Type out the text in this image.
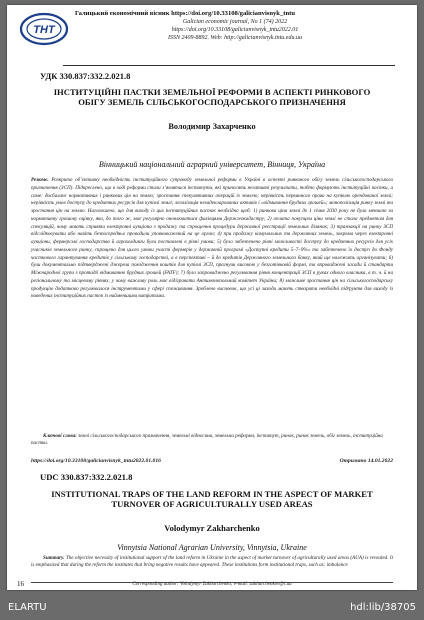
ТНТ
Галицький економічний вісник https://doi.org/10.33108/galicianvisnyk_tntu
Galician economic journal, No 1 (74) 2022
https://doi.org/10.33108/galicianvisnyk_tntu2022.01
ISSN 2409-8892. Web: http://galicianvisnyk.tntu.edu.ua
УДК 330.837:332.2.021.8
ІНСТИТУЦІЙНІ ПАСТКИ ЗЕМЕЛЬНОЇ РЕФОРМИ В АСПЕКТІ РИНКОВОГО ОБІГУ ЗЕМЕЛЬ СІЛЬСЬКОГОСПОДАРСЬКОГО ПРИЗНАЧЕННЯ
Володимир Захарченко
Вінницький національний аграрний університет, Вінниця, Україна
Резюме. Розкрито об’єктивну необхідність інституційного супроводу земельної реформи в Україні в аспекті ринкового обігу земель сільськогосподарського призначення (ЗСП). Підкреслено, що в ході реформи стали з’являтися інститути, які приносять негативні результати, тобто формують інституційні пастки, а саме: дисбаланс нормативних і ринкових цін на землю; зростання спекулятивних операцій із землею; нерівність первинного права на купівлю орендованої землі; нерівність умов доступу до кредитних ресурсів для купівлі землі; легалізація незадекларованих активів і «відмивання брудних грошей»; монополізація ринку землі та зростання цін на землю. Наголошено, що для виходу із цих інституційних пасток необхідно щоб: 1) ринкова ціна землі до 1 січня 2030 року не була меншою за нормативну грошову оцінку, яка, до того ж, має регулярно оновлюватися фахівцями Держгеокадастру; 2) оплата покупцем ціни землі не стала предметом для спекуляцій, чому мають сприяти електронні аукціони з продажу та спрощення процедури державної реєстрації земельних ділянок; 3) транзакції на ринку ЗСП відслідковувати або навіть безпосередньо проводили уповноважений на це орган; 4) при продажу комунальних та державних земель, зокрема через електронні аукціони, фермерські господарства й агрохолдинги були поставлені в рівні умови; 5) було забезпечено рівні можливості доступу до кредитних ресурсів для усіх учасників земельного ринку, спрощено для цього умови участі фермерів у державній програмі «Доступні кредити 5–7–9%» та забезпечено їх доступ до Фонду часткового гарантування кредитів у сільському господарстві, а в перспективі – й до кредитів Державного земельного банку, який ще належить організувати; 6) були документально підтверджені джерела походження коштів для купівлі ЗСП, прагнучи високою у безготівковій формі, та впроваджені засади й стандарти Міжнародної групи з протидії відмиванню брудних грошей (FATF); 7) було запроваджено регулювання рівня концентрації ЗСП в руках одного власника, в т. ч. й на регіональному та місцевому рівнях, у чому важливу роль має відігравати Антимонопольний комітет України; 8) можливе зростання цін на сільськогосподарську продукцію додатково регулювалося інструментами у сфері споживання. Зроблено висновок, що усі ці заходи мають створити необхідні підґрунтя для виходу із наведених інституційних пасток із найменшими витратами.
Ключові слова: землі сільськогосподарського призначення, земельні відносини, земельна реформа, інститут, ринок, ринок земель, обіг земель, інституційна пастка.
https://doi.org/10.33108/galicianvisnyk_tntu2022.01.016	Отримано 14.01.2022
UDC 330.837:332.2.021.8
INSTITUTIONAL TRAPS OF THE LAND REFORM IN THE ASPECT OF MARKET TURNOVER OF AGRICULTURALLY USED AREAS
Volodymyr Zakharchenko
Vinnytsia National Agrarian University, Vinnytsia, Ukraine
Summary. The objective necessity of institutional support of the land reform in Ukraine in the aspect of market turnover of agriculturally used areas (AUA) is revealed. It is emphasized that during the reform the institutes that bring negative results have appeared. These institutions form institutional traps, such as: imbalance
16	Corresponding author: Volodymyr Zakharchenko; e-mail: zakharchenkov@i.ua
ELARTU	hdl:lib/38705
